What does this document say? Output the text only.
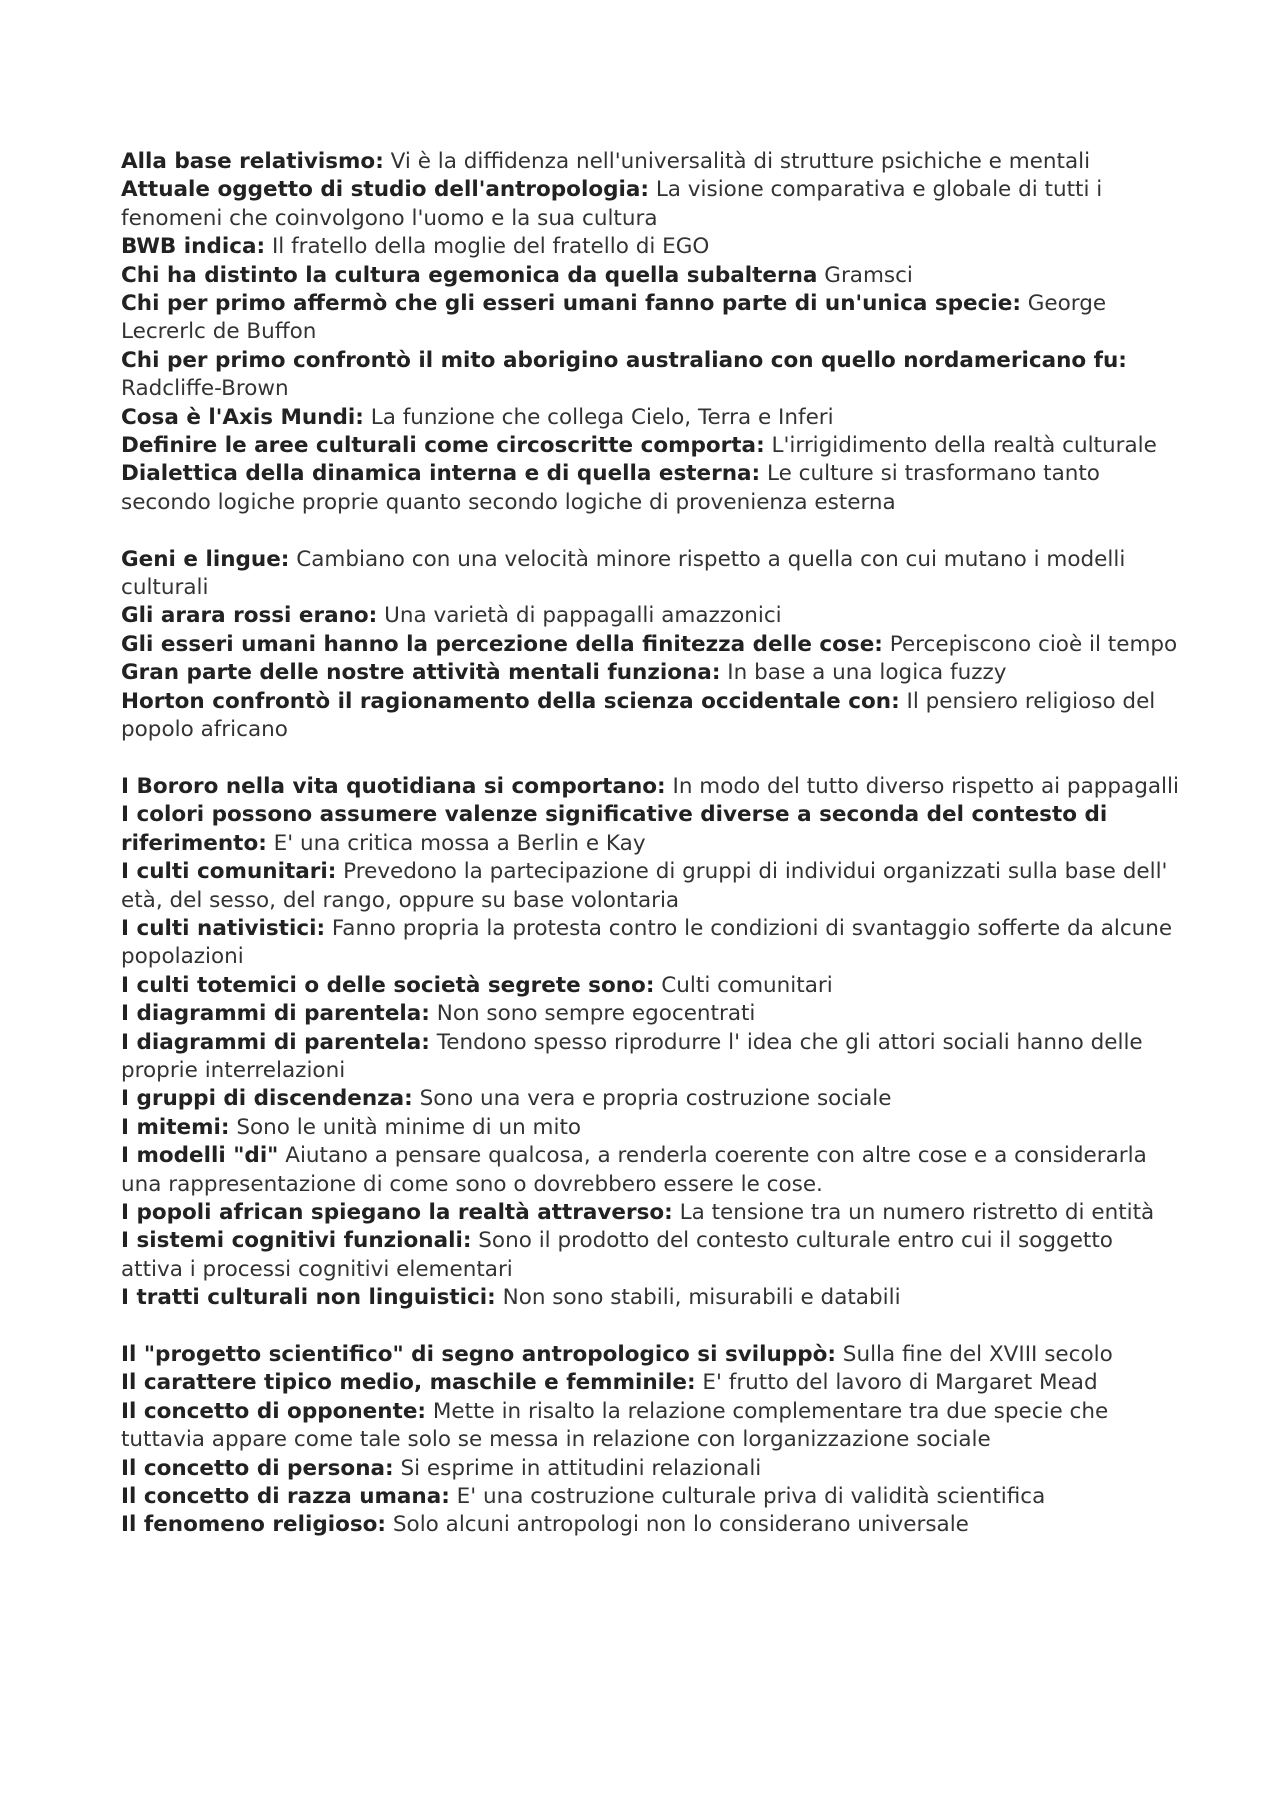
Alla base relativismo: Vi è la diffidenza nell'universalità di strutture psichiche e mentali

Attuale oggetto di studio dell'antropologia: La visione comparativa e globale di tutti i fenomeni che coinvolgono l'uomo e la sua cultura

BWB indica: Il fratello della moglie del fratello di EGO

Chi ha distinto la cultura egemonica da quella subalterna Gramsci

Chi per primo affermò che gli esseri umani fanno parte di un'unica specie: George Lecrerlc de Buffon

Chi per primo confrontò il mito aborigino australiano con quello nordamericano fu: Radcliffe-Brown

Cosa è l'Axis Mundi: La funzione che collega Cielo, Terra e Inferi

Definire le aree culturali come circoscritte comporta: L'irrigidimento della realtà culturale

Dialettica della dinamica interna e di quella esterna: Le culture si trasformano tanto secondo logiche proprie quanto secondo logiche di provenienza esterna

Geni e lingue: Cambiano con una velocità minore rispetto a quella con cui mutano i modelli culturali

Gli arara rossi erano: Una varietà di pappagalli amazzonici

Gli esseri umani hanno la percezione della finitezza delle cose: Percepiscono cioè il tempo

Gran parte delle nostre attività mentali funziona: In base a una logica fuzzy

Horton confrontò il ragionamento della scienza occidentale con: Il pensiero religioso del popolo africano

I Bororo nella vita quotidiana si comportano: In modo del tutto diverso rispetto ai pappagalli

I colori possono assumere valenze significative diverse a seconda del contesto di riferimento: E' una critica mossa a Berlin e Kay

I culti comunitari: Prevedono la partecipazione di gruppi di individui organizzati sulla base dell' età, del sesso, del rango, oppure su base volontaria

I culti nativistici: Fanno propria la protesta contro le condizioni di svantaggio sofferte da alcune popolazioni

I culti totemici o delle società segrete sono: Culti comunitari

I diagrammi di parentela: Non sono sempre egocentrati

I diagrammi di parentela: Tendono spesso riprodurre l' idea che gli attori sociali hanno delle proprie interrelazioni

I gruppi di discendenza: Sono una vera e propria costruzione sociale

I mitemi: Sono le unità minime di un mito

I modelli "di" Aiutano a pensare qualcosa, a renderla coerente con altre cose e a considerarla una rappresentazione di come sono o dovrebbero essere le cose.

I popoli african spiegano la realtà attraverso: La tensione tra un numero ristretto di entità

I sistemi cognitivi funzionali: Sono il prodotto del contesto culturale entro cui il soggetto attiva i processi cognitivi elementari

I tratti culturali non linguistici: Non sono stabili, misurabili e databili

Il "progetto scientifico" di segno antropologico si sviluppò: Sulla fine del XVIII secolo

Il carattere tipico medio, maschile e femminile: E' frutto del lavoro di Margaret Mead

Il concetto di opponente: Mette in risalto la relazione complementare tra due specie che tuttavia appare come tale solo se messa in relazione con lorganizzazione sociale

Il concetto di persona: Si esprime in attitudini relazionali

Il concetto di razza umana: E' una costruzione culturale priva di validità scientifica

Il fenomeno religioso: Solo alcuni antropologi non lo considerano universale
